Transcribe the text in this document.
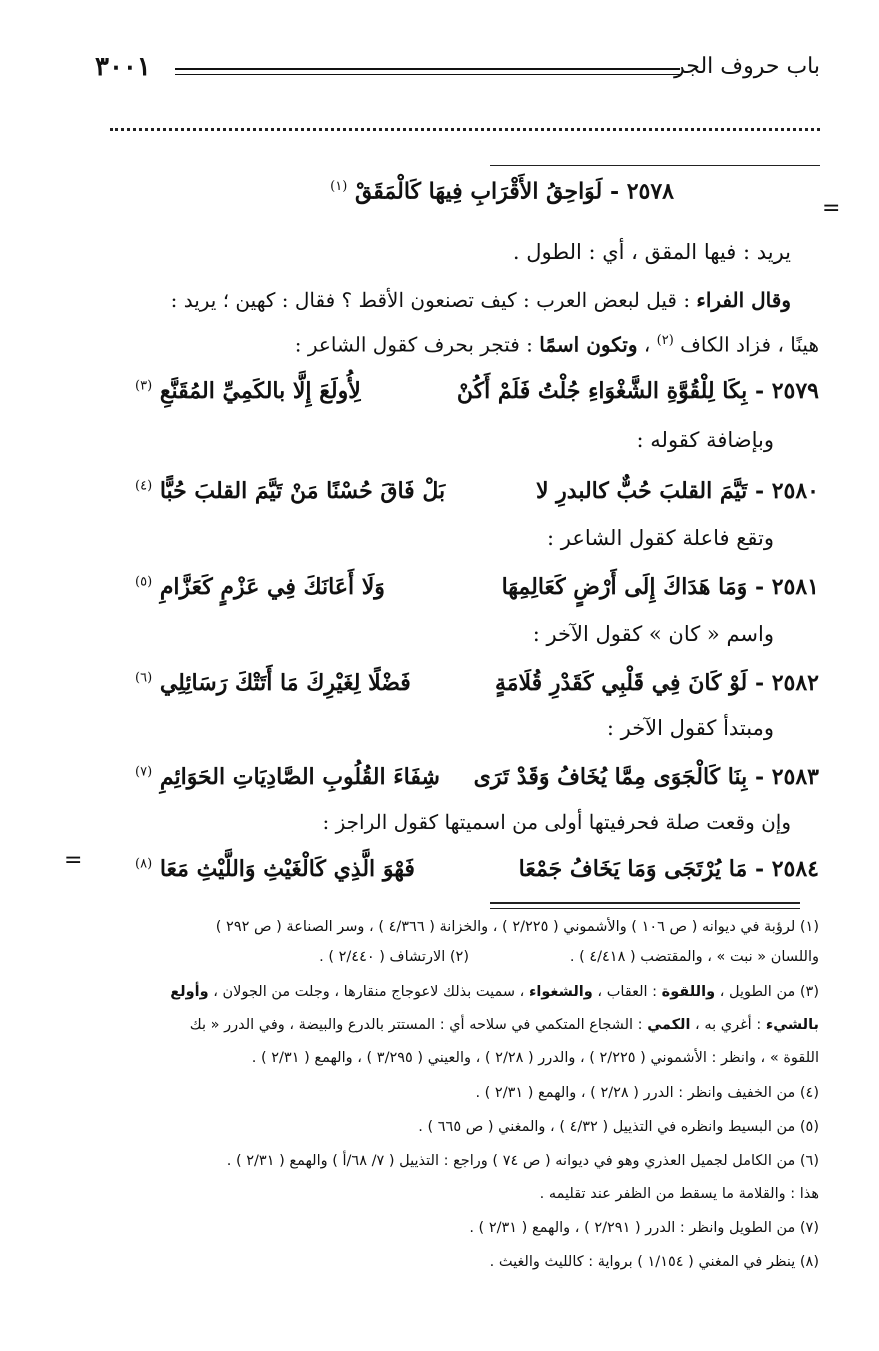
٣٠٠١	باب حروف الجر
=
=
٢٥٧٨ - لَوَاحِقُ الأَقْرَابِ فِيهَا كَالْمَقَقْ $^{(١)}$
يريد : فيها المقق ، أي : الطول .
وقال الفراء : قيل لبعض العرب : كيف تصنعون الأقط ؟ فقال : كهين ؛ يريد :
هينًا ، فزاد الكاف $^{(٢)}$ ، وتكون اسمًا : فتجر بحرف كقول الشاعر :
٢٥٧٩ - بِكَا لِلْقُوَّةِ الشَّغْوَاءِ جُلْتُ فَلَمْ أَكُنْ
لِأُولَعَ إِلَّا بالكَمِيِّ المُقَنَّعِ $^{(٣)}$
وبإضافة كقوله :
٢٥٨٠ - تَيَّمَ القلبَ حُبٌّ كالبدرِ لا
بَلْ فَاقَ حُسْنًا مَنْ تَيَّمَ القلبَ حُبًّا $^{(٤)}$
وتقع فاعلة كقول الشاعر :
٢٥٨١ - وَمَا هَدَاكَ إِلَى أَرْضٍ كَعَالِمِهَا
وَلَا أَعَانَكَ فِي عَزْمٍ كَعَزَّامِ $^{(٥)}$
واسم « كان » كقول الآخر :
٢٥٨٢ - لَوْ كَانَ فِي قَلْبِي كَقَدْرِ قُلَامَةٍ
فَضْلًا لِغَيْرِكَ مَا أَتَتْكَ رَسَائِلِي $^{(٦)}$
ومبتدأ كقول الآخر :
٢٥٨٣ - بِنَا كَالْجَوَى مِمَّا يُخَافُ وَقَدْ تَرَى
شِفَاءَ القُلُوبِ الصَّادِيَاتِ الحَوَائِمِ $^{(٧)}$
وإن وقعت صلة فحرفيتها أولى من اسميتها كقول الراجز :
٢٥٨٤ - مَا يُرْتَجَى وَمَا يَخَافُ جَمْعَا
فَهْوَ الَّذِي كَالْغَيْثِ وَاللَّيْثِ مَعَا $^{(٨)}$
(١) لرؤبة في ديوانه ( ص ١٠٦ ) والأشموني ( ٢/٢٢٥ ) ، والخزانة ( ٤/٣٦٦ ) ، وسر الصناعة ( ص ٢٩٢ )
واللسان « نبت » ، والمقتضب ( ٤/٤١٨ ) .
(٢) الارتشاف ( ٢/٤٤٠ ) .
(٣) من الطويل ، واللقوة : العقاب ، والشغواء ، سميت بذلك لاعوجاج منقارها ، وجلت من الجولان ، وأولع
بالشيء : أغري به ، الكمي : الشجاع المتكمي في سلاحه أي : المستتر بالدرع والبيضة ، وفي الدرر « بك
اللقوة » ، وانظر : الأشموني ( ٢/٢٢٥ ) ، والدرر ( ٢/٢٨ ) ، والعيني ( ٣/٢٩٥ ) ، والهمع ( ٢/٣١ ) .
(٤) من الخفيف وانظر : الدرر ( ٢/٢٨ ) ، والهمع ( ٢/٣١ ) .
(٥) من البسيط وانظره في التذييل ( ٤/٣٢ ) ، والمغني ( ص ٦٦٥ ) .
(٦) من الكامل لجميل العذري وهو في ديوانه ( ص ٧٤ ) وراجع : التذييل ( ٧/ ٦٨/أ ) والهمع ( ٢/٣١ ) .
هذا : والقلامة ما يسقط من الظفر عند تقليمه .
(٧) من الطويل وانظر : الدرر ( ٢/٢٩١ ) ، والهمع ( ٢/٣١ ) .
(٨) ينظر في المغني ( ١/١٥٤ ) برواية : كالليث والغيث .
